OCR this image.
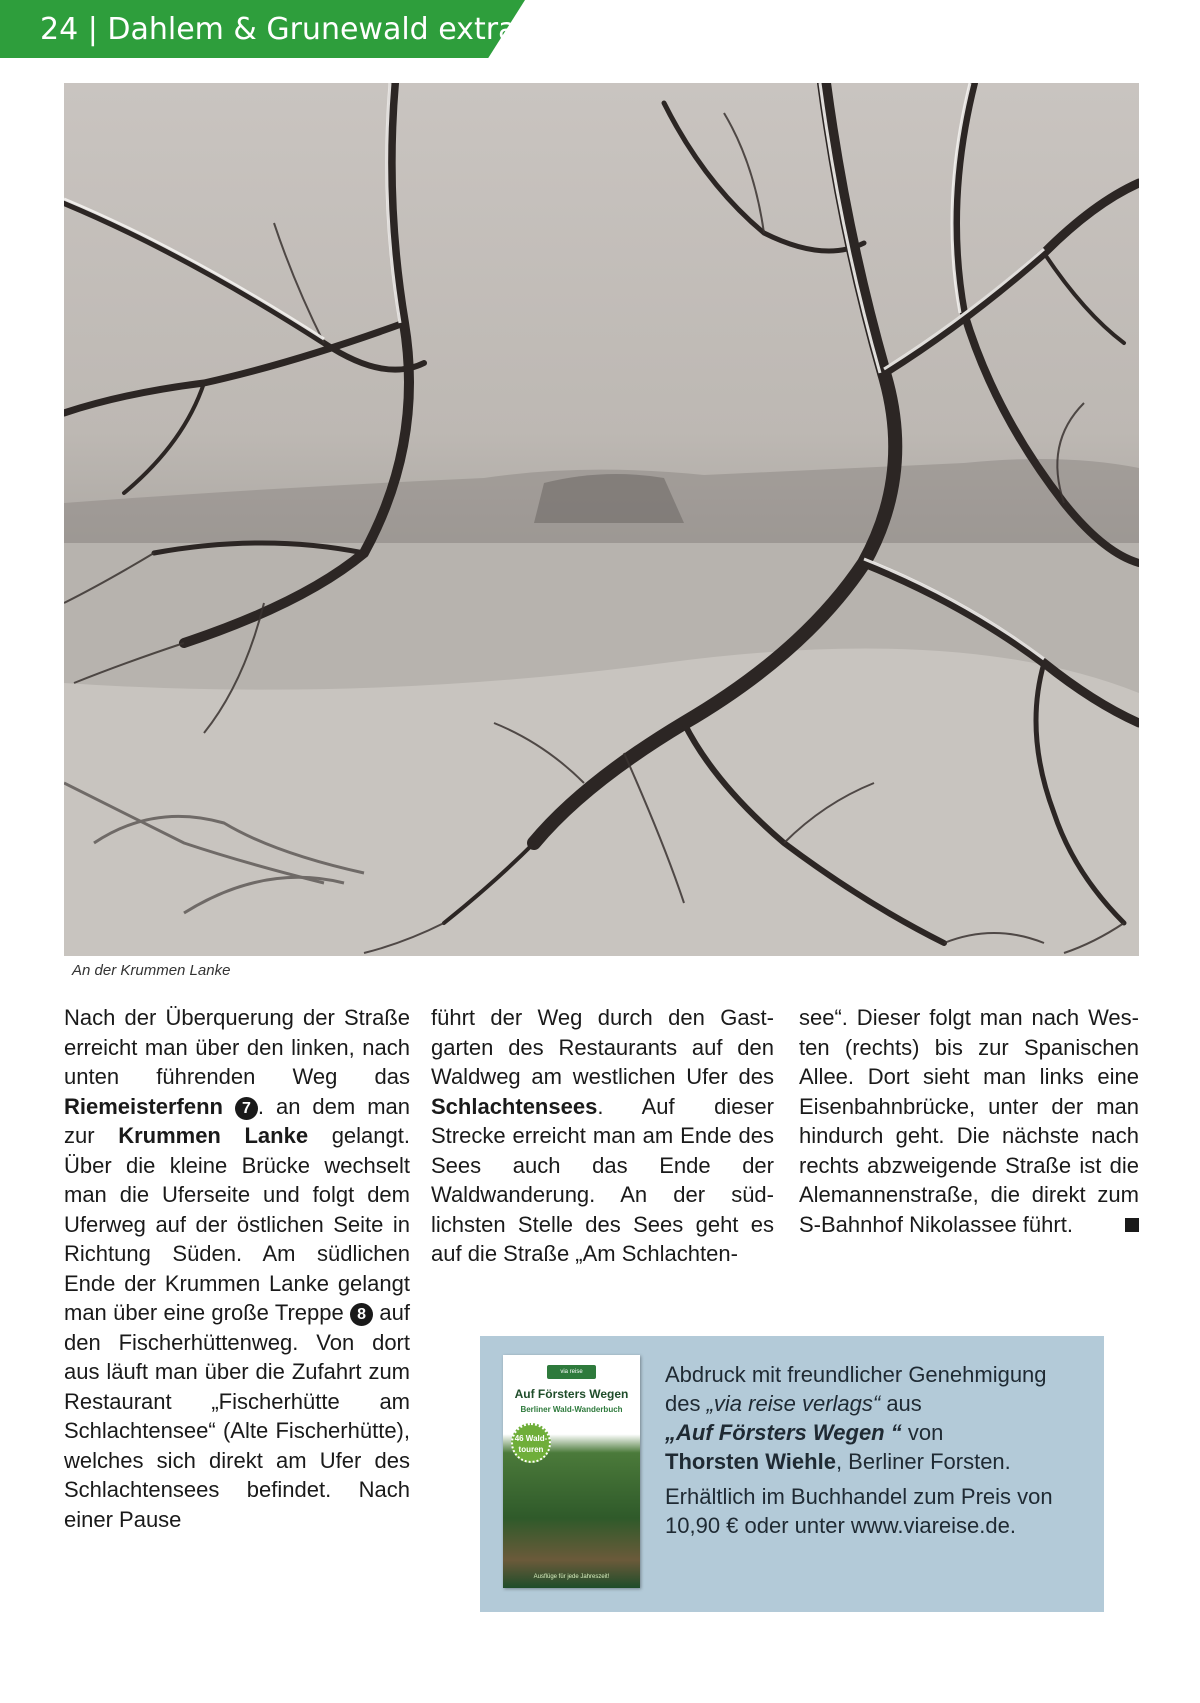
24 | Dahlem & Grunewald extra
An der Krummen Lanke

Nach der Überquerung der Straße erreicht man über den linken, nach unten führenden Weg das Riemeisterfenn 7 . an dem man zur Krummen Lanke gelangt. Über die kleine Brücke wechselt man die Uferseite und folgt dem Uferweg auf der östlichen Seite in Richtung Süden. Am südlichen Ende der Krummen Lanke gelangt man über eine große Treppe 8 auf den Fischerhüttenweg. Von dort aus läuft man über die Zufahrt zum Restaurant „Fischerhütte am Schlachtensee“ (Alte Fischerhütte), welches sich direkt am Ufer des Schlachtensees befindet. Nach einer Pause

führt der Weg durch den Gastgarten des Restaurants auf den Waldweg am westlichen Ufer des Schlachtensees. Auf dieser Strecke erreicht man am Ende des Sees auch das Ende der Waldwanderung. An der südlichsten Stelle des Sees geht es auf die Straße „Am Schlachten-

see“. Dieser folgt man nach Westen (rechts) bis zur Spanischen Allee. Dort sieht man links eine Eisenbahnbrücke, unter der man hindurch geht. Die nächste nach rechts abzweigende Straße ist die Alemannenstraße, die direkt zum S-Bahnhof Nikolassee führt.

via reise
Auf Försters Wegen
Berliner Wald-Wanderbuch
46 Wald-touren
Ausflüge für jede Jahreszeit!

Abdruck mit freundlicher Genehmigung
des „via reise verlags“ aus
„Auf Försters Wegen “ von
Thorsten Wiehle, Berliner Forsten.

Erhältlich im Buchhandel zum Preis von 10,90 € oder unter www.viareise.de.
